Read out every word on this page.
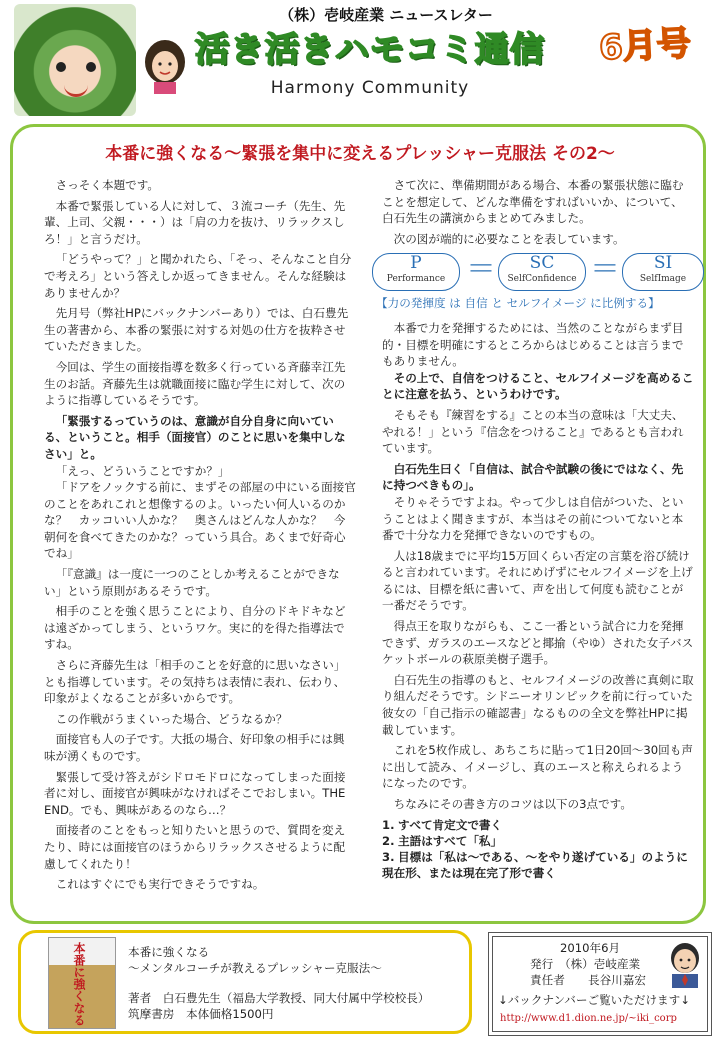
（株）壱岐産業 ニュースレター
活き活きハモコミ通信
Harmony Community
6月号
本番に強くなる～緊張を集中に変えるプレッシャー克服法 その2～

さっそく本題です。

本番で緊張している人に対して、３流コーチ（先生、先輩、上司、父親・・・）は「肩の力を抜け、リラックスしろ！」と言うだけ。

「どうやって？」と聞かれたら、「そっ、そんなこと自分で考えろ」という答えしか返ってきません。そんな経験はありませんか？

先月号（弊社HPにバックナンバーあり）では、白石豊先生の著書から、本番の緊張に対する対処の仕方を抜粋させていただきました。

今回は、学生の面接指導を数多く行っている斉藤幸江先生のお話。斉藤先生は就職面接に臨む学生に対して、次のように指導しているそうです。

「緊張するっていうのは、意識が自分自身に向いている、ということ。相手（面接官）のことに思いを集中しなさい」と。

「えっ、どういうことですか？」

「ドアをノックする前に、まずその部屋の中にいる面接官のことをあれこれと想像するのよ。いったい何人いるのかな？　カッコいい人かな？　奥さんはどんな人かな？　今朝何を食べてきたのかな？っていう具合。あくまで好奇心でね」

「『意識』は一度に一つのことしか考えることができない」という原則があるそうです。

相手のことを強く思うことにより、自分のドキドキなどは遠ざかってしまう、というワケ。実に的を得た指導法ですね。

さらに斉藤先生は「相手のことを好意的に思いなさい」とも指導しています。その気持ちは表情に表れ、伝わり、印象がよくなることが多いからです。

この作戦がうまくいった場合、どうなるか？

面接官も人の子です。大抵の場合、好印象の相手には興味が湧くものです。

緊張して受け答えがシドロモドロになってしまった面接者に対し、面接官が興味がなければそこでおしまい。THE END。でも、興味があるのなら…？

面接者のことをもっと知りたいと思うので、質問を変えたり、時には面接官のほうからリラックスさせるように配慮してくれたり！

これはすぐにでも実行できそうですね。

さて次に、準備期間がある場合、本番の緊張状態に臨むことを想定して、どんな準備をすればいいか、について、白石先生の講演からまとめてみました。

次の図が端的に必要なことを表しています。

P
Performance ＝	SC
SelfConfidence ＝	SI
SelfImage

【力の発揮度 は 自信 と セルフイメージ に比例する】

本番で力を発揮するためには、当然のことながらまず目的・目標を明確にするところからはじめることは言うまでもありません。

その上で、自信をつけること、セルフイメージを高めることに注意を払う、というわけです。

そもそも『練習をする』ことの本当の意味は「大丈夫、やれる！」という『信念をつけること』であるとも言われています。

白石先生曰く「自信は、試合や試験の後にではなく、先に持つべきもの」。

そりゃそうですよね。やって少しは自信がついた、ということはよく聞きますが、本当はその前についてないと本番で十分な力を発揮できないのですもの。

人は18歳までに平均15万回くらい否定の言葉を浴び続けると言われています。それにめげずにセルフイメージを上げるには、目標を紙に書いて、声を出して何度も読むことが一番だそうです。

得点王を取りながらも、ここ一番という試合に力を発揮できず、ガラスのエースなどと揶揄（やゆ）された女子バスケットボールの萩原美樹子選手。

白石先生の指導のもと、セルフイメージの改善に真剣に取り組んだそうです。シドニーオリンピックを前に行っていた彼女の「自己指示の確認書」なるものの全文を弊社HPに掲載しています。

これを5枚作成し、あちこちに貼って1日20回～30回も声に出して読み、イメージし、真のエースと称えられるようになったのです。

ちなみにその書き方のコツは以下の3点です。

1. すべて肯定文で書く
2. 主語はすべて「私」
3. 目標は「私は～である、～をやり遂げている」のように現在形、または現在完了形で書く
本番に強くなる	本番に強くなる
～メンタルコーチが教えるプレッシャー克服法～
著者　白石豊先生（福島大学教授、同大付属中学校校長）
筑摩書房　本体価格1500円
2010年6月
発行　（株）壱岐産業
責任者　　長谷川嘉宏
↓バックナンバーご覧いただけます↓
http://www.d1.dion.ne.jp/~iki_corp
